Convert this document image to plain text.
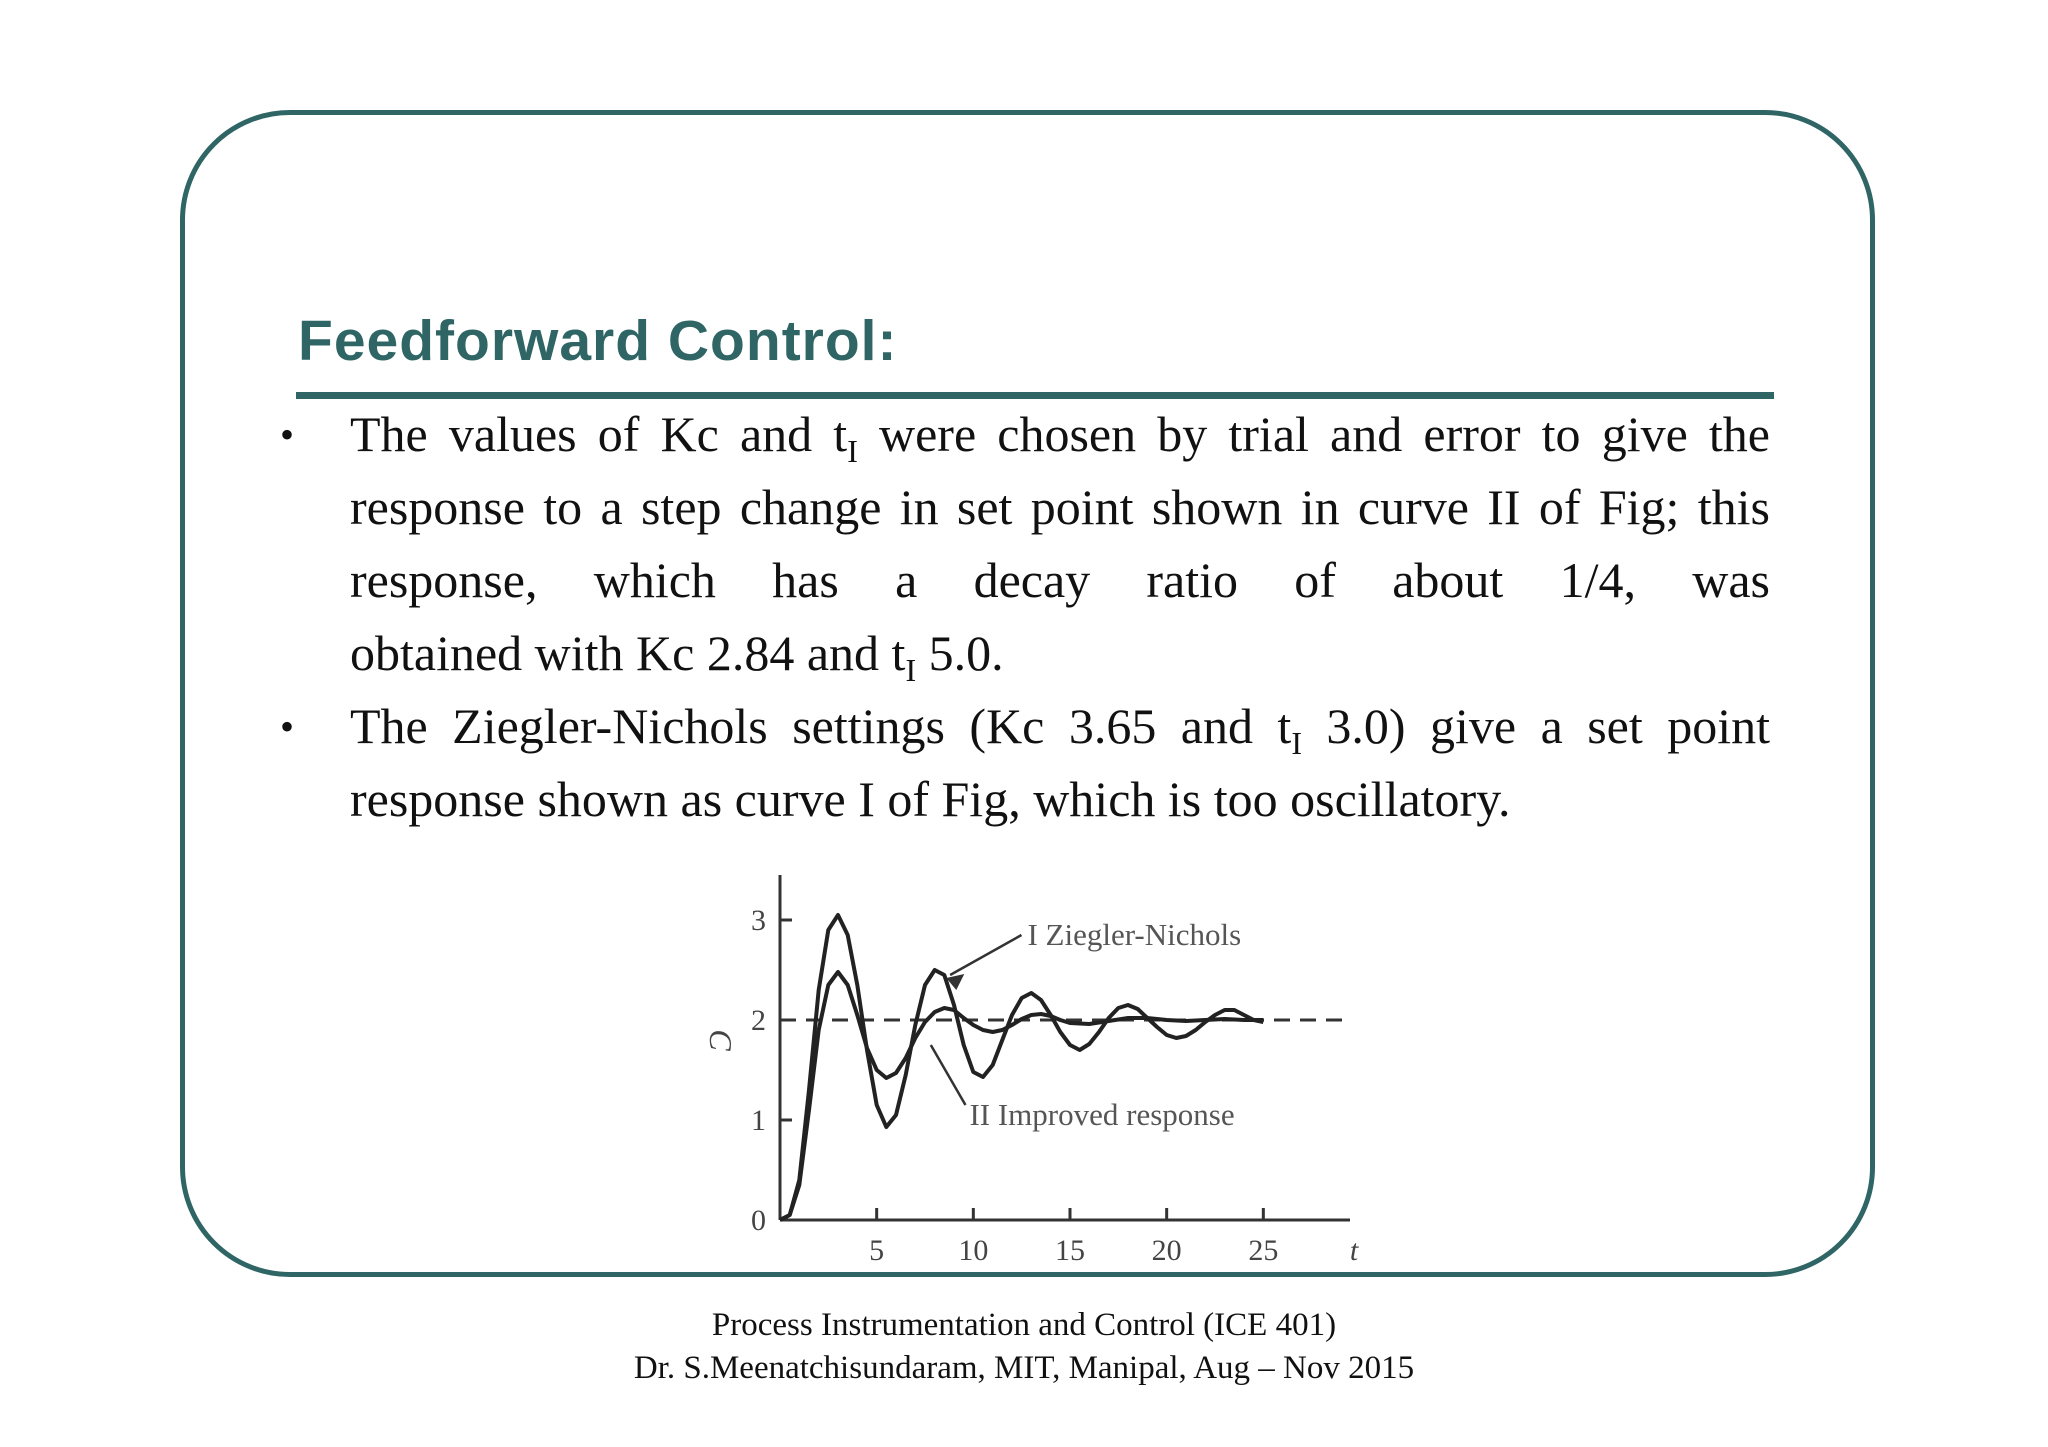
Feedforward Control:
• The values of Kc and $t_I$ were chosen by trial and error to give the response to a step change in set point shown in curve II of Fig; this response, which has a decay ratio of about 1/4, was
obtained with Kc 2.84 and $t_I$ 5.0.
• The Ziegler-Nichols settings (Kc 3.65 and $t_I$ 3.0) give a set point response shown as curve I of Fig, which is too oscillatory.
5 10 15 20 25
0
1
2
3
t
C
I Ziegler-Nichols
II Improved response
Process Instrumentation and Control (ICE 401)
Dr. S.Meenatchisundaram, MIT, Manipal, Aug – Nov 2015
